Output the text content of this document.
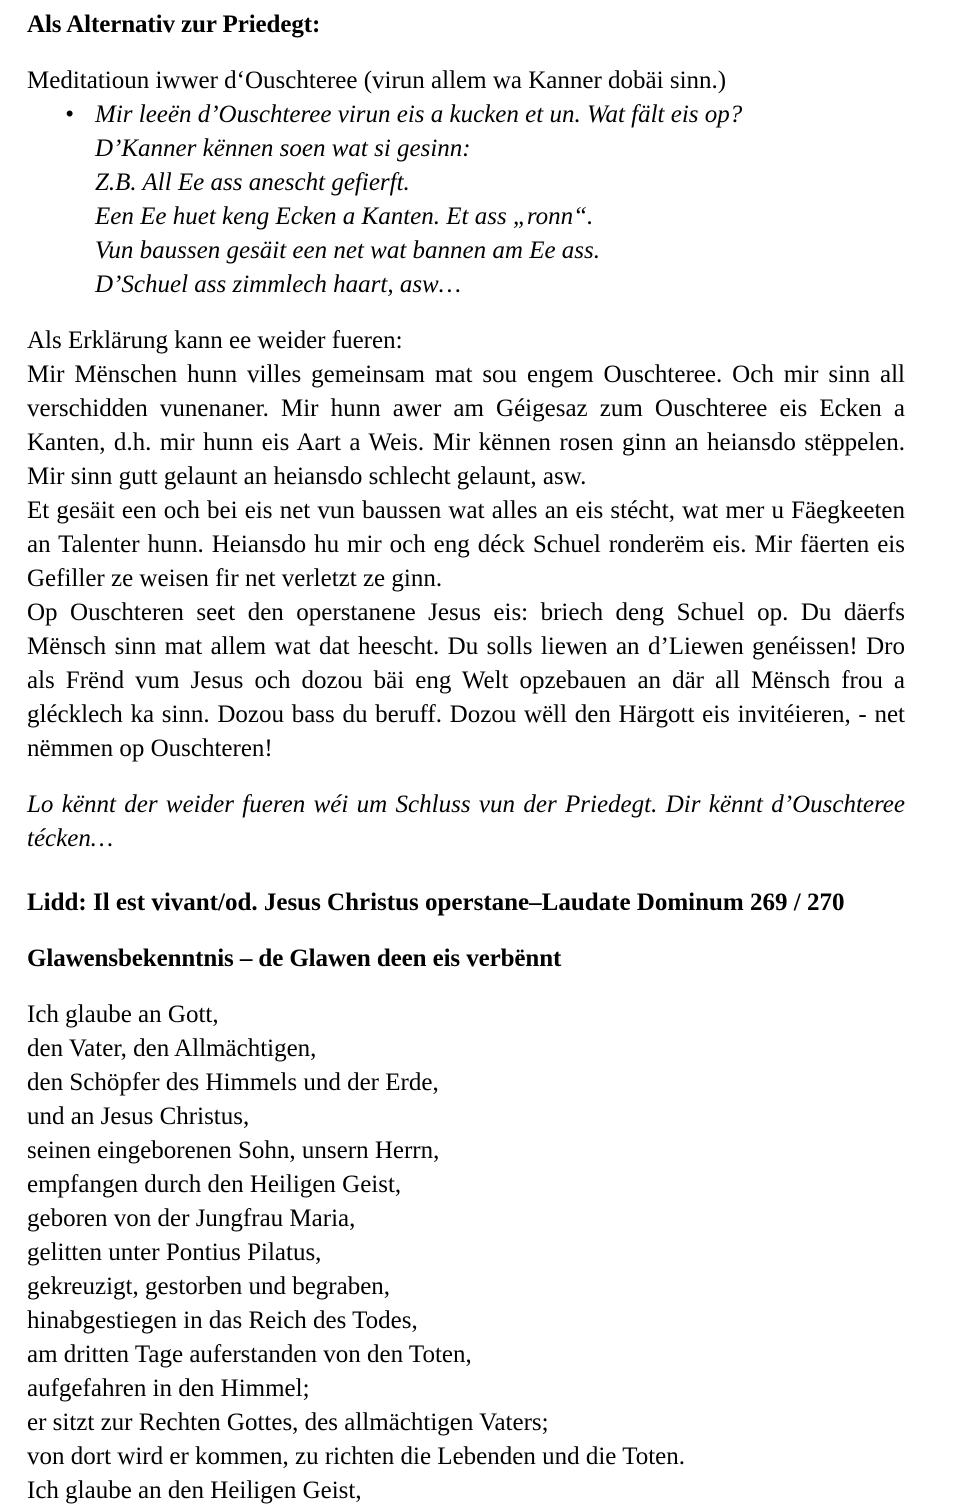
Als Alternativ zur Priedegt:

Meditatioun iwwer d‘Ouschteree (virun allem wa Kanner dobäi sinn.)

• Mir leeën d’Ouschteree virun eis a kucken et un. Wat fält eis op?
D’Kanner kënnen soen wat si gesinn:
Z.B. All Ee ass anescht gefierft.
Een Ee huet keng Ecken a Kanten. Et ass „ronn“.
Vun baussen gesäit een net wat bannen am Ee ass.
D’Schuel ass zimmlech haart, asw…

Als Erklärung kann ee weider fueren:

Mir Mënschen hunn villes gemeinsam mat sou engem Ouschteree. Och mir sinn all verschidden vunenaner. Mir hunn awer am Géigesaz zum Ouschteree eis Ecken a Kanten, d.h. mir hunn eis Aart a Weis. Mir kënnen rosen ginn an heiansdo stëppelen. Mir sinn gutt gelaunt an heiansdo schlecht gelaunt, asw.

Et gesäit een och bei eis net vun baussen wat alles an eis stécht, wat mer u Fäegkeeten an Talenter hunn. Heiansdo hu mir och eng déck Schuel ronderëm eis. Mir fäerten eis Gefiller ze weisen fir net verletzt ze ginn.

Op Ouschteren seet den operstanene Jesus eis: briech deng Schuel op. Du däerfs Mënsch sinn mat allem wat dat heescht. Du solls liewen an d’Liewen genéissen! Dro als Frënd vum Jesus och dozou bäi eng Welt opzebauen an där all Mënsch frou a glécklech ka sinn. Dozou bass du beruff. Dozou wëll den Härgott eis invitéieren, - net nëmmen op Ouschteren!

Lo kënnt der weider fueren wéi um Schluss vun der Priedegt. Dir kënnt d’Ouschteree técken…

Lidd: Il est vivant/od. Jesus Christus operstane–Laudate Dominum 269 / 270

Glawensbekenntnis – de Glawen deen eis verbënnt

Ich glaube an Gott,

den Vater, den Allmächtigen,

den Schöpfer des Himmels und der Erde,

und an Jesus Christus,

seinen eingeborenen Sohn, unsern Herrn,

empfangen durch den Heiligen Geist,

geboren von der Jungfrau Maria,

gelitten unter Pontius Pilatus,

gekreuzigt, gestorben und begraben,

hinabgestiegen in das Reich des Todes,

am dritten Tage auferstanden von den Toten,

aufgefahren in den Himmel;

er sitzt zur Rechten Gottes, des allmächtigen Vaters;

von dort wird er kommen, zu richten die Lebenden und die Toten.

Ich glaube an den Heiligen Geist,
